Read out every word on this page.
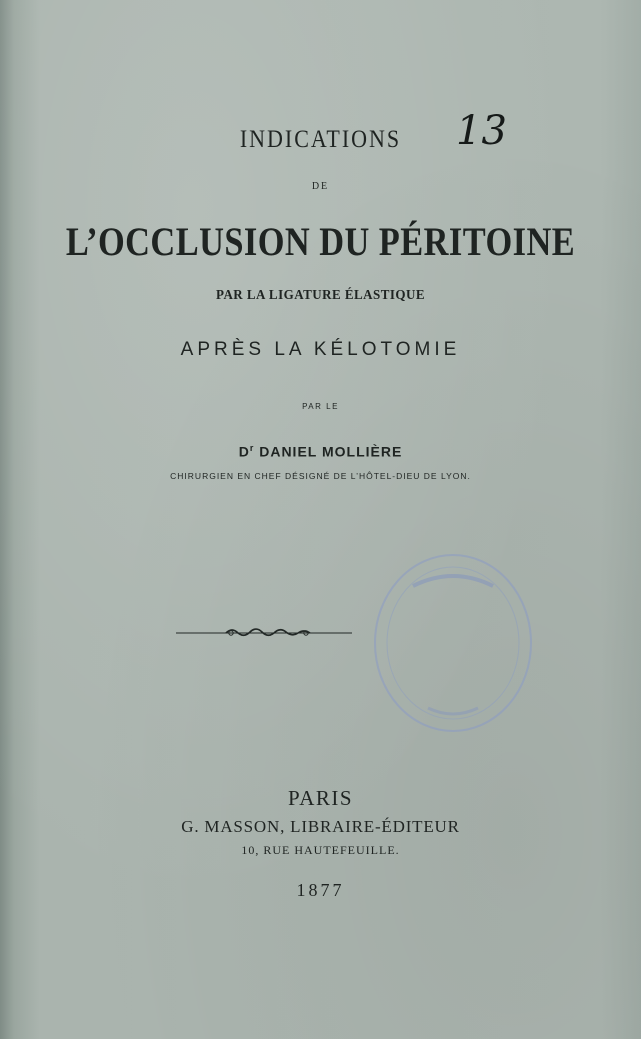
13
INDICATIONS
DE
L’OCCLUSION DU PÉRITOINE
PAR LA LIGATURE ÉLASTIQUE
APRÈS LA KÉLOTOMIE
PAR LE
$D^r$ DANIEL MOLLIÈRE
CHIRURGIEN EN CHEF DÉSIGNÉ DE L’HÔTEL-DIEU DE LYON.
PARIS
G. MASSON, LIBRAIRE-ÉDITEUR
10, RUE HAUTEFEUILLE.
1877
